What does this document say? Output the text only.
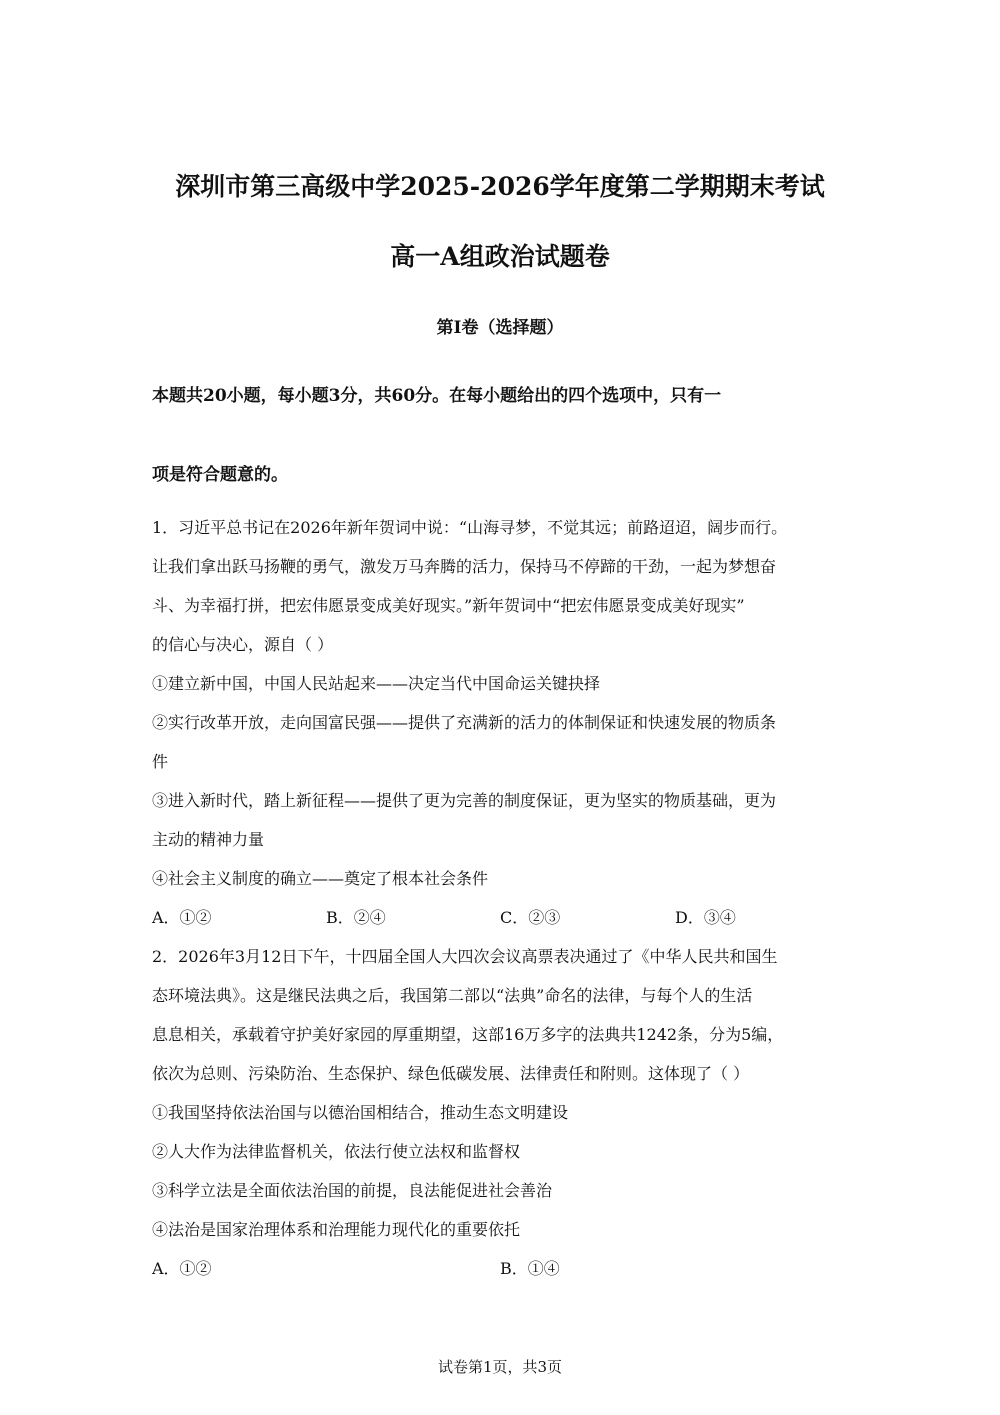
深圳市第三高级中学2025-2026学年度第二学期期末考试
高一A组政治试题卷
第I卷（选择题）
本题共20小题，每小题3分，共60分。在每小题给出的四个选项中，只有一
项是符合题意的。
1．习近平总书记在2026年新年贺词中说：“山海寻梦，不觉其远；前路迢迢，阔步而行。
让我们拿出跃马扬鞭的勇气，激发万马奔腾的活力，保持马不停蹄的干劲，一起为梦想奋
斗、为幸福打拼，把宏伟愿景变成美好现实。”新年贺词中“把宏伟愿景变成美好现实”
的信心与决心，源自（ ）
①建立新中国，中国人民站起来——决定当代中国命运关键抉择
②实行改革开放，走向国富民强——提供了充满新的活力的体制保证和快速发展的物质条
件
③进入新时代，踏上新征程——提供了更为完善的制度保证，更为坚实的物质基础，更为
主动的精神力量
④社会主义制度的确立——奠定了根本社会条件
A．①②	B．②④	C．②③	D．③④
2．2026年3月12日下午，十四届全国人大四次会议高票表决通过了《中华人民共和国生
态环境法典》。这是继民法典之后，我国第二部以“法典”命名的法律，与每个人的生活
息息相关，承载着守护美好家园的厚重期望，这部16万多字的法典共1242条，分为5编，
依次为总则、污染防治、生态保护、绿色低碳发展、法律责任和附则。这体现了（ ）
①我国坚持依法治国与以德治国相结合，推动生态文明建设
②人大作为法律监督机关，依法行使立法权和监督权
③科学立法是全面依法治国的前提，良法能促进社会善治
④法治是国家治理体系和治理能力现代化的重要依托
A．①②	B．①④
试卷第1页，共3页
